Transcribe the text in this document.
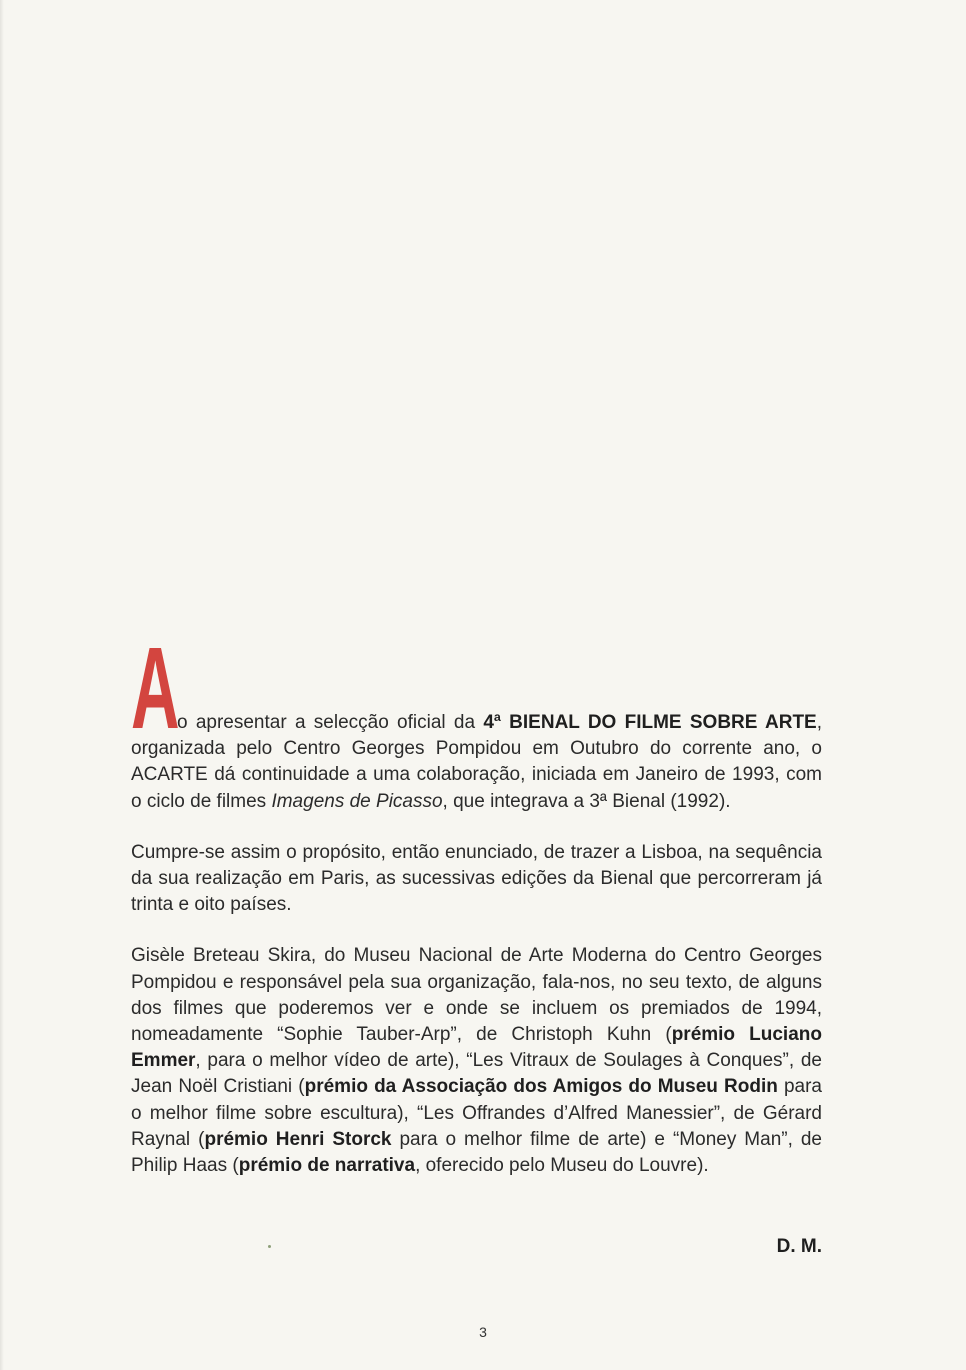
A
o apresentar a selecção oficial da 4ª BIENAL DO FILME SOBRE ARTE, organizada pelo Centro Georges Pompidou em Outubro do corrente ano, o ACARTE dá continuidade a uma colaboração, iniciada em Janeiro de 1993, com o ciclo de filmes Imagens de Picasso, que integrava a 3ª Bienal (1992).

Cumpre-se assim o propósito, então enunciado, de trazer a Lisboa, na sequência da sua realização em Paris, as sucessivas edições da Bienal que percorreram já trinta e oito países.

Gisèle Breteau Skira, do Museu Nacional de Arte Moderna do Centro Georges Pompidou e responsável pela sua organização, fala-nos, no seu texto, de alguns dos filmes que poderemos ver e onde se incluem os premiados de 1994, nomeadamente “Sophie Tauber-Arp”, de Christoph Kuhn (prémio Luciano Emmer, para o melhor vídeo de arte), “Les Vitraux de Soulages à Conques”, de Jean Noël Cristiani (prémio da Associação dos Amigos do Museu Rodin para o melhor filme sobre escultura), “Les Offrandes d’Alfred Manessier”, de Gérard Raynal (prémio Henri Storck para o melhor filme de arte) e “Money Man”, de Philip Haas (prémio de narrativa, oferecido pelo Museu do Louvre).

D. M.
3
